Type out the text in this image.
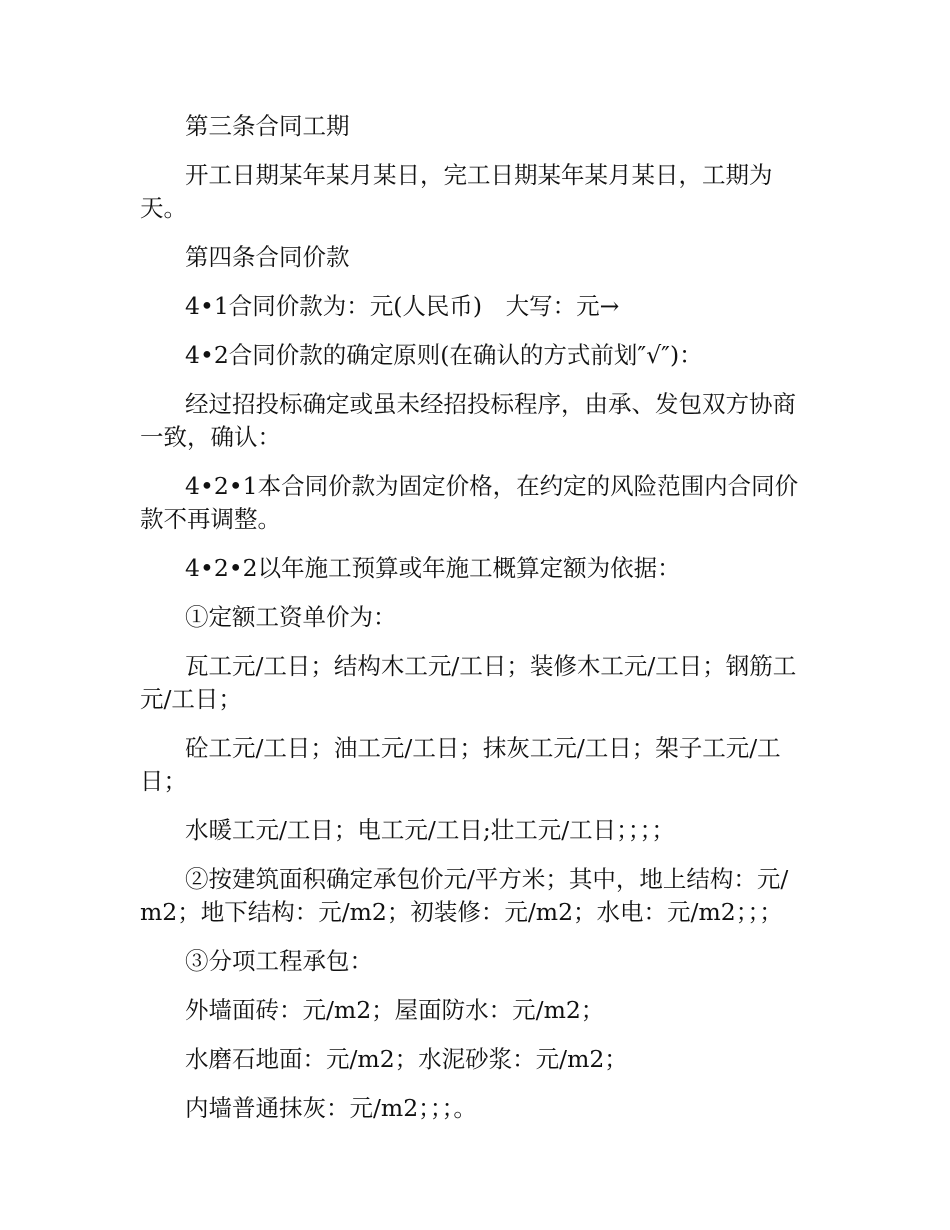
第三条合同工期

开工日期某年某月某日，完工日期某年某月某日，工期为天。

第四条合同价款

4•1合同价款为：元(人民币)　大写：元→

4•2合同价款的确定原则(在确认的方式前划″√″)：

经过招投标确定或虽未经招投标程序，由承、发包双方协商一致，确认：

4•2•1本合同价款为固定价格，在约定的风险范围内合同价款不再调整。

4•2•2以年施工预算或年施工概算定额为依据：

①定额工资单价为：

瓦工元/工日；结构木工元/工日；装修木工元/工日；钢筋工元/工日；

砼工元/工日；油工元/工日；抹灰工元/工日；架子工元/工日；

水暖工元/工日；电工元/工日;壮工元/工日；；；；

②按建筑面积确定承包价元/平方米；其中，地上结构：元/m2；地下结构：元/m2；初装修：元/m2；水电：元/m2；；；

③分项工程承包：

外墙面砖：元/m2；屋面防水：元/m2；

水磨石地面：元/m2；水泥砂浆：元/m2；

内墙普通抹灰：元/m2；；；。
